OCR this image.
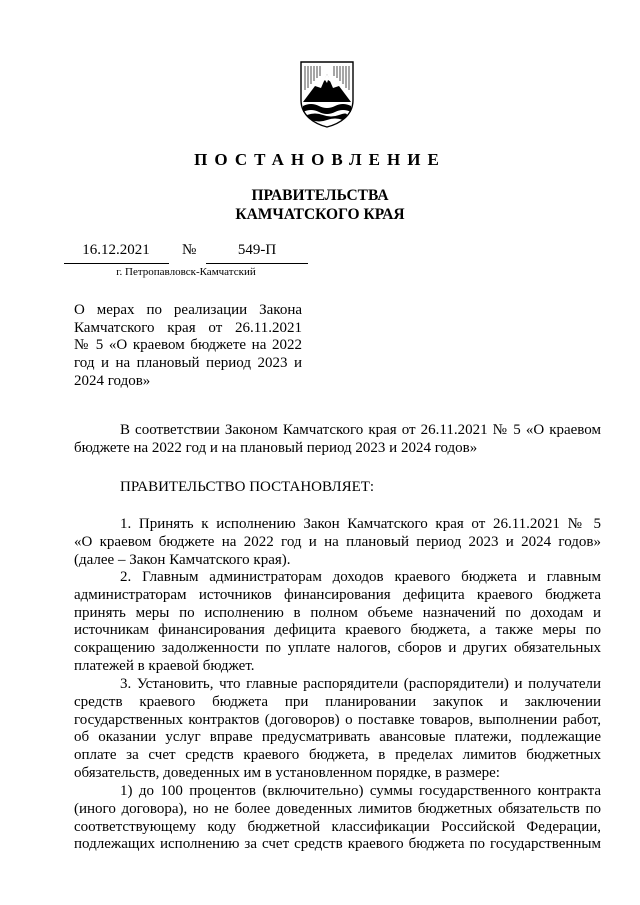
ПОСТАНОВЛЕНИЕ
ПРАВИТЕЛЬСТВА
КАМЧАТСКОГО КРАЯ
16.12.2021	№	549-П
г. Петропавловск-Камчатский
О мерах по реализации Закона
Камчатского края от 26.11.2021
№ 5 «О краевом бюджете на 2022
год и на плановый период 2023 и
2024 годов»
В соответствии Законом Камчатского края от 26.11.2021 № 5 «О краевом
бюджете на 2022 год и на плановый период 2023 и 2024 годов»
1. Принять к исполнению Закон Камчатского края от 26.11.2021 № 5
«О краевом бюджете на 2022 год и на плановый период 2023 и 2024 годов»
(далее – Закон Камчатского края).
2. Главным администраторам доходов краевого бюджета и главным
администраторам источников финансирования дефицита краевого бюджета
принять меры по исполнению в полном объеме назначений по доходам и
источникам финансирования дефицита краевого бюджета, а также меры по
сокращению задолженности по уплате налогов, сборов и других обязательных
платежей в краевой бюджет.
3. Установить, что главные распорядители (распорядители) и получатели
средств краевого бюджета при планировании закупок и заключении
государственных контрактов (договоров) о поставке товаров, выполнении работ,
об оказании услуг вправе предусматривать авансовые платежи, подлежащие
оплате за счет средств краевого бюджета, в пределах лимитов бюджетных
обязательств, доведенных им в установленном порядке, в размере:
1) до 100 процентов (включительно) суммы государственного контракта
(иного договора), но не более доведенных лимитов бюджетных обязательств по
соответствующему коду бюджетной классификации Российской Федерации,
подлежащих исполнению за счет средств краевого бюджета по государственным
ПРАВИТЕЛЬСТВО ПОСТАНОВЛЯЕТ:
